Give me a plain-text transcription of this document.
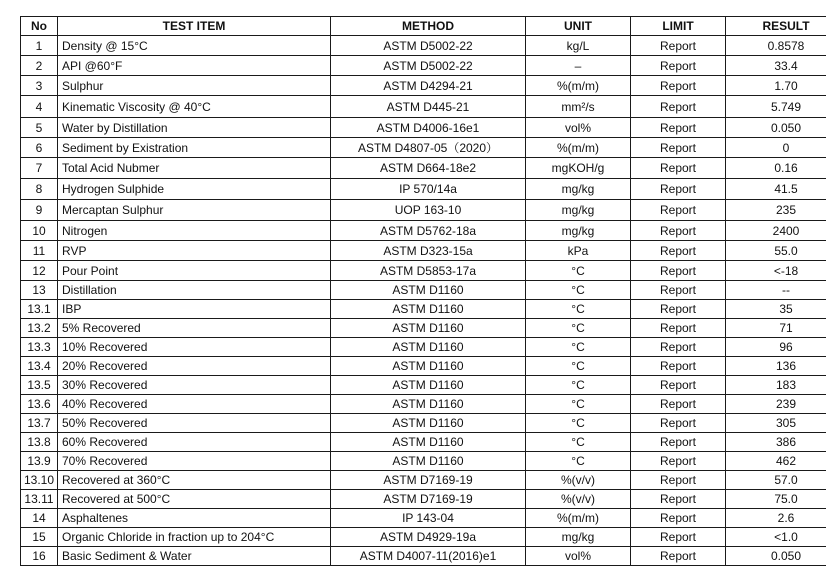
No	TEST ITEM	METHOD	UNIT	LIMIT	RESULT
1	Density @ 15°C	ASTM D5002-22	kg/L	Report	0.8578
2	API @60°F	ASTM D5002-22	–	Report	33.4
3	Sulphur	ASTM D4294-21	%(m/m)	Report	1.70
4	Kinematic Viscosity @ 40°C	ASTM D445-21	mm²/s	Report	5.749
5	Water by Distillation	ASTM D4006-16e1	vol%	Report	0.050
6	Sediment by Existration	ASTM D4807-05（2020）	%(m/m)	Report	0
7	Total Acid Nubmer	ASTM D664-18e2	mgKOH/g	Report	0.16
8	Hydrogen Sulphide	IP 570/14a	mg/kg	Report	41.5
9	Mercaptan Sulphur	UOP 163-10	mg/kg	Report	235
10	Nitrogen	ASTM D5762-18a	mg/kg	Report	2400
11	RVP	ASTM D323-15a	kPa	Report	55.0
12	Pour Point	ASTM D5853-17a	°C	Report	<-18
13	Distillation	ASTM D1160	°C	Report	--
13.1	IBP	ASTM D1160	°C	Report	35
13.2	5% Recovered	ASTM D1160	°C	Report	71
13.3	10% Recovered	ASTM D1160	°C	Report	96
13.4	20% Recovered	ASTM D1160	°C	Report	136
13.5	30% Recovered	ASTM D1160	°C	Report	183
13.6	40% Recovered	ASTM D1160	°C	Report	239
13.7	50% Recovered	ASTM D1160	°C	Report	305
13.8	60% Recovered	ASTM D1160	°C	Report	386
13.9	70% Recovered	ASTM D1160	°C	Report	462
13.10	Recovered at 360°C	ASTM D7169-19	%(v/v)	Report	57.0
13.11	Recovered at 500°C	ASTM D7169-19	%(v/v)	Report	75.0
14	Asphaltenes	IP 143-04	%(m/m)	Report	2.6
15	Organic Chloride in fraction up to 204°C	ASTM D4929-19a	mg/kg	Report	<1.0
16	Basic Sediment & Water	ASTM D4007-11(2016)e1	vol%	Report	0.050
